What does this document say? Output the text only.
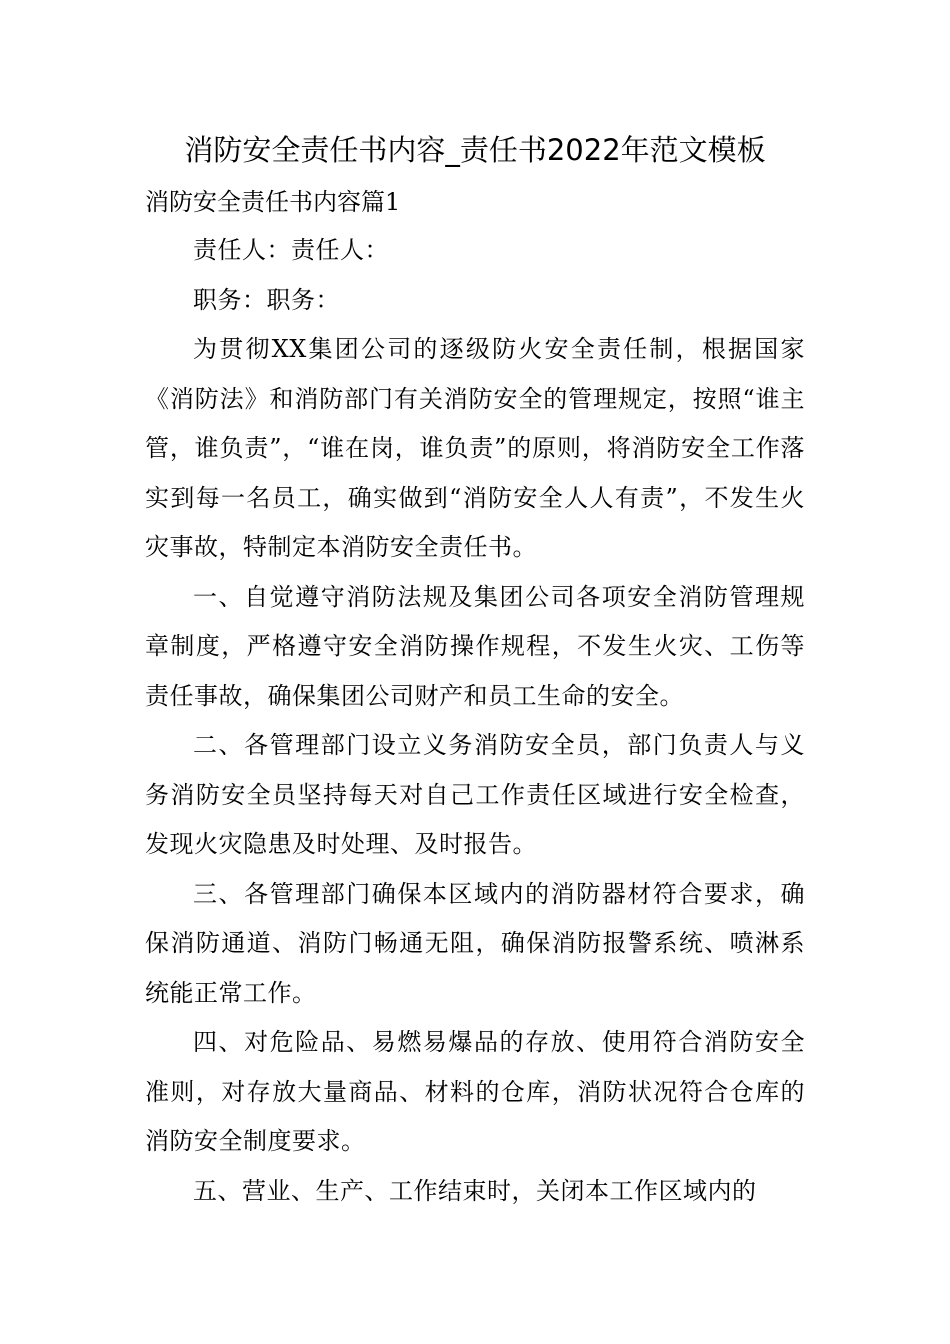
消防安全责任书内容_责任书2022年范文模板

消防安全责任书内容篇1

责任人：责任人：

职务：职务：

为贯彻XX集团公司的逐级防火安全责任制，根据国家《消防法》和消防部门有关消防安全的管理规定，按照“谁主管，谁负责”，“谁在岗，谁负责”的原则，将消防安全工作落实到每一名员工，确实做到“消防安全人人有责”，不发生火灾事故，特制定本消防安全责任书。

一、自觉遵守消防法规及集团公司各项安全消防管理规章制度，严格遵守安全消防操作规程，不发生火灾、工伤等责任事故，确保集团公司财产和员工生命的安全。

二、各管理部门设立义务消防安全员，部门负责人与义务消防安全员坚持每天对自己工作责任区域进行安全检查，发现火灾隐患及时处理、及时报告。

三、各管理部门确保本区域内的消防器材符合要求，确保消防通道、消防门畅通无阻，确保消防报警系统、喷淋系统能正常工作。

四、对危险品、易燃易爆品的存放、使用符合消防安全准则，对存放大量商品、材料的仓库，消防状况符合仓库的消防安全制度要求。

五、营业、生产、工作结束时，关闭本工作区域内的
